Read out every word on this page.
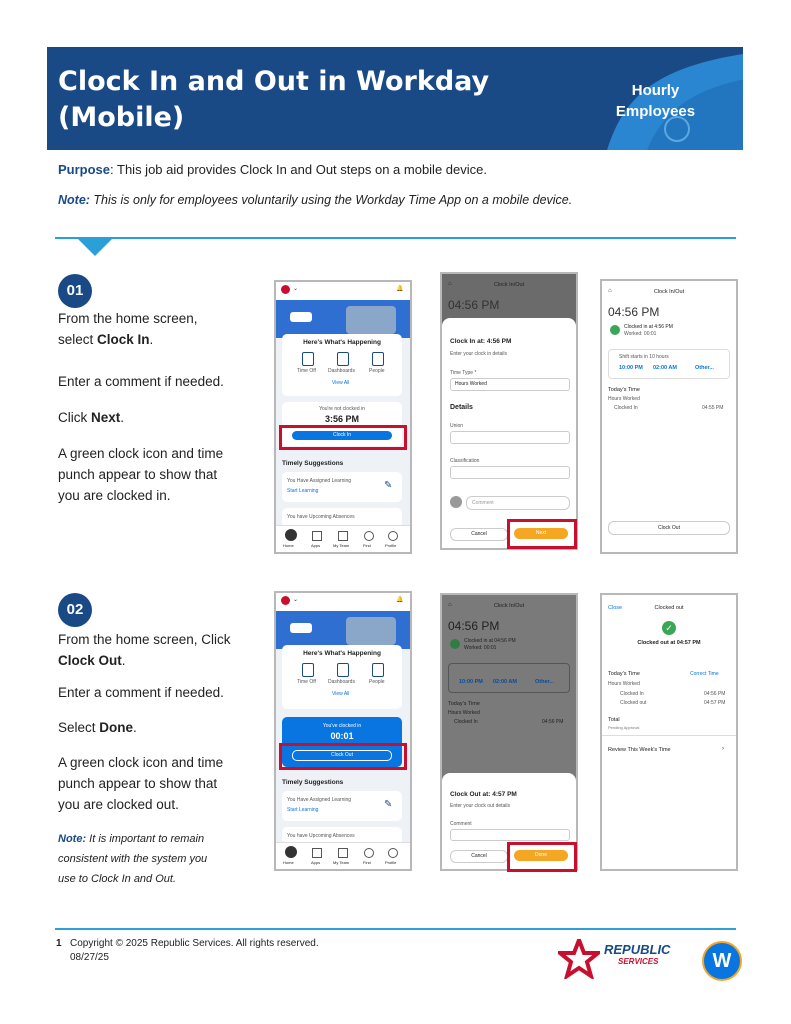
Clock In and Out in Workday
(Mobile)
Hourly
Employees
Purpose: This job aid provides Clock In and Out steps on a mobile device.
Note: This is only for employees voluntarily using the Workday Time App on a mobile device.
01
From the home screen,
select Clock In.
Enter a comment if needed.
Click Next.
A green clock icon and time
punch appear to show that
you are clocked in.
02
From the home screen, Click
Clock Out.
Enter a comment if needed.
Select Done.
A green clock icon and time
punch appear to show that
you are clocked out.
Note: It is important to remain
consistent with the system you
use to Clock In and Out.
⌄	🔔
Here's What's Happening
Time Off Dashboards	People
View All
You're not clocked in
3:56 PM
Clock In
Timely Suggestions
You Have Assigned Learning
Start Learning	✎
You have Upcoming Absences
Home	Apps	My Team	Find	Profile
⌂	Clock In/Out
04:56 PM
Clock In at: 4:56 PM
Enter your clock in details
Time Type *
Hours Worked
Details
Union
Classification
Comment
Cancel	Next
⌂	Clock In/Out
04:56 PM
Clocked in at 4:56 PM
Worked: 00:01
Shift starts in 10 hours
10:00 PM 02:00 AM	Other...
Today's Time
Hours Worked
Clocked In	04:55 PM
Clock Out
⌄	🔔
Here's What's Happening
Time Off Dashboards	People
View All
You've clocked in
00:01
Clock Out
Timely Suggestions
You Have Assigned Learning
Start Learning	✎
You have Upcoming Absences
Home	Apps	My Team	Find	Profile
⌂	Clock In/Out
04:56 PM
Clocked in at 04:56 PM
Worked: 00:01
10:00 PM 02:00 AM	Other...
Today's Time
Hours Worked
Clocked In	04:56 PM
Clock Out at: 4:57 PM
Enter your clock out details
Comment
Cancel	Done
Close	Clocked out
✓
Clocked out at 04:57 PM
Today's Time	Correct Time
Hours Worked
Clocked In	04:56 PM
Clocked out	04:57 PM
Total
Pending Approval
Review This Week's Time	›
1 Copyright © 2025 Republic Services. All rights reserved.
08/27/25
REPUBLIC
SERVICES	W
